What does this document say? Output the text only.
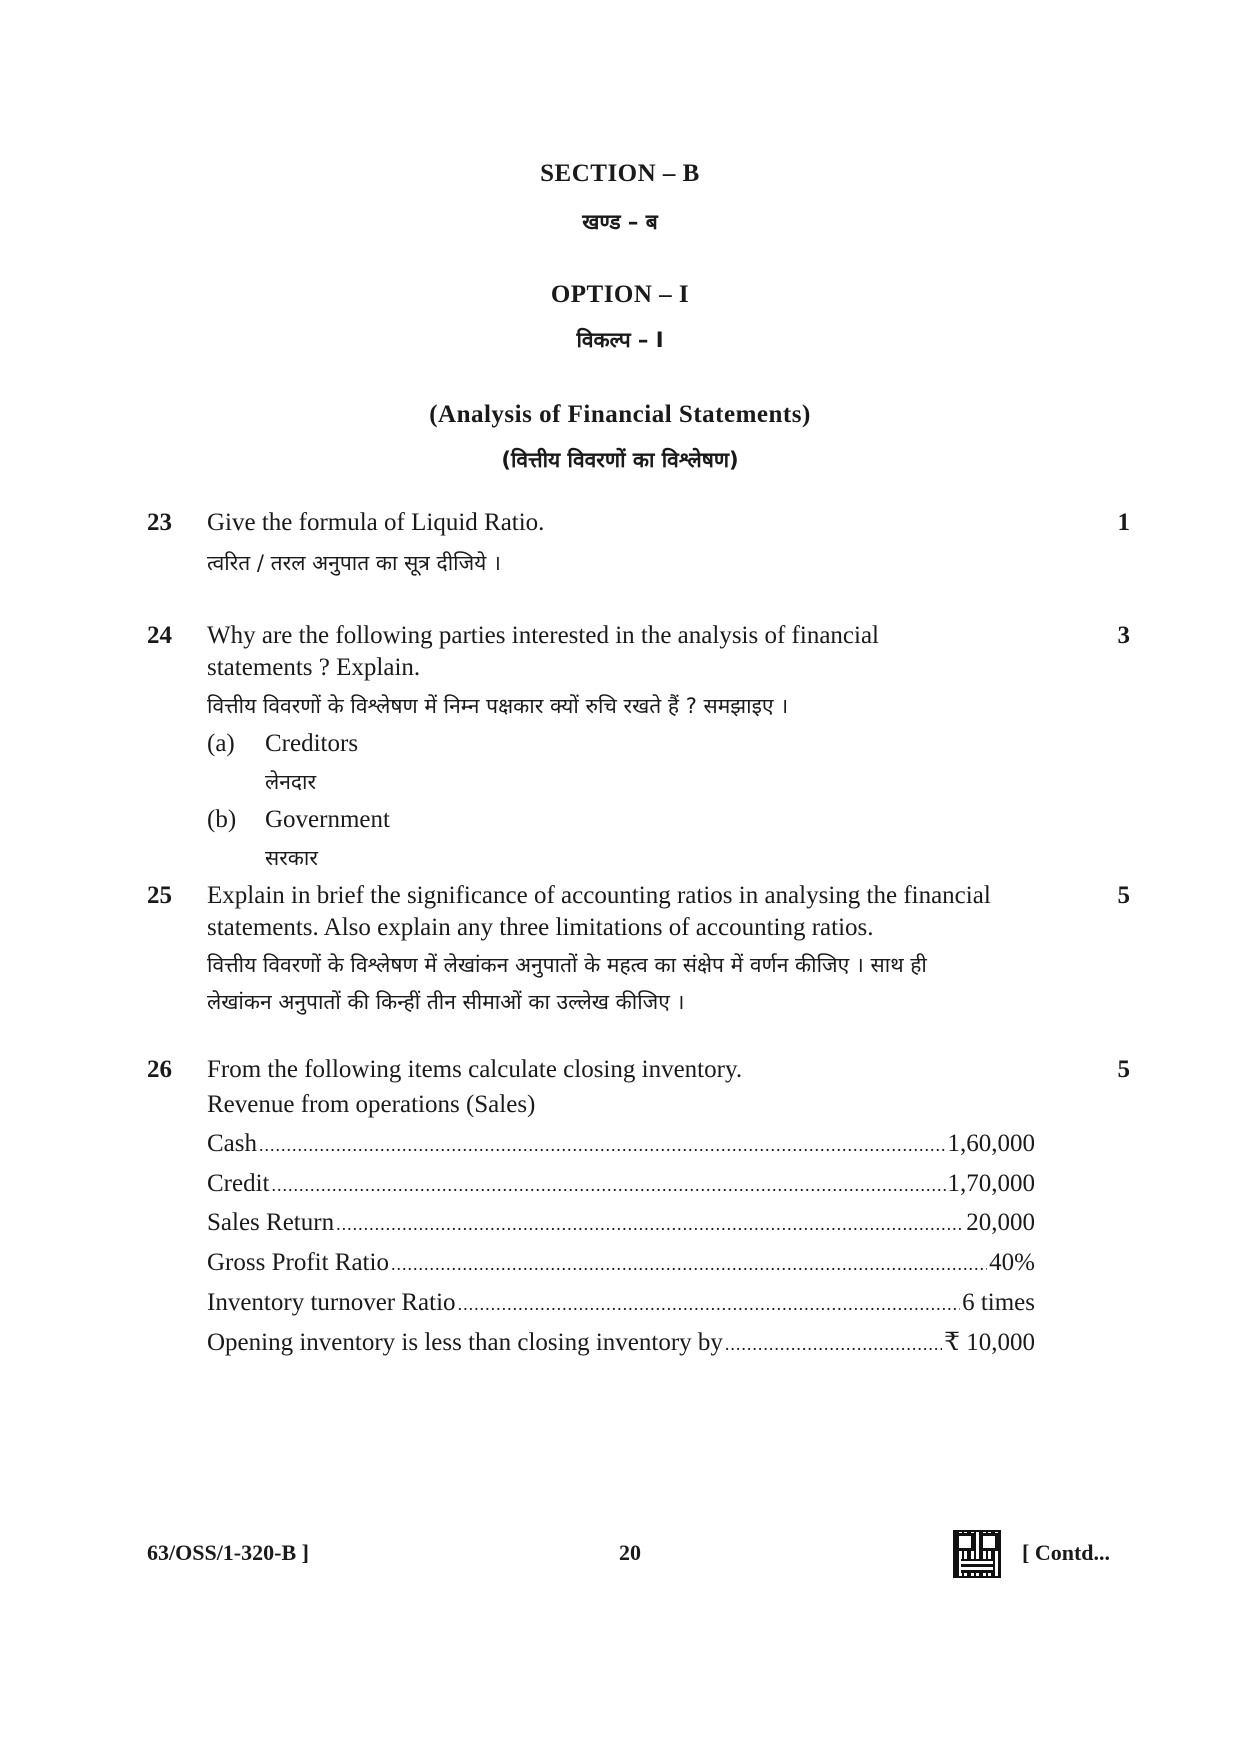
SECTION – B
खण्ड – ब
OPTION – I
विकल्प – I
(Analysis of Financial Statements)
(वित्तीय विवरणों का विश्लेषण)
23 Give the formula of Liquid Ratio.	1
त्वरित / तरल अनुपात का सूत्र दीजिये ।
24 Why are the following parties interested in the analysis of financial	3
statements ? Explain.
वित्तीय विवरणों के विश्लेषण में निम्न पक्षकार क्यों रुचि रखते हैं ? समझाइए ।
(a) Creditors
लेनदार
(b) Government
सरकार
25 Explain in brief the significance of accounting ratios in analysing the financial	5
statements. Also explain any three limitations of accounting ratios.
वित्तीय विवरणों के विश्लेषण में लेखांकन अनुपातों के महत्व का संक्षेप में वर्णन कीजिए । साथ ही
लेखांकन अनुपातों की किन्हीं तीन सीमाओं का उल्लेख कीजिए ।
26 From the following items calculate closing inventory.	5
Revenue from operations (Sales)
Cash .....	1,60,000
Credit .....	1,70,000
Sales Return .....	20,000
Gross Profit Ratio .....	40%
Inventory turnover Ratio .....	6 times
Opening inventory is less than closing inventory by .....	₹ 10,000
63/OSS/1-320-B ]	20	[ Contd...
